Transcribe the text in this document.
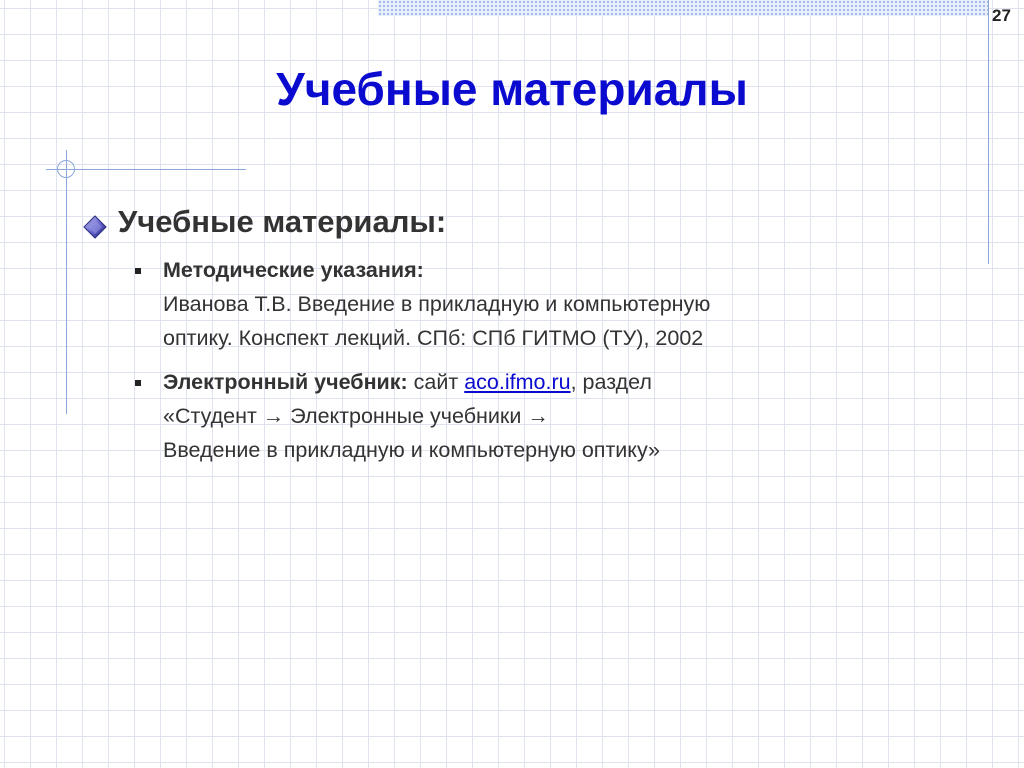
27
Учебные материалы
Учебные материалы:
Методические указания:
Иванова Т.В. Введение в прикладную и компьютерную
оптику. Конспект лекций. СПб: СПб ГИТМО (ТУ), 2002
Электронный учебник: сайт aco.ifmo.ru, раздел
«Студент → Электронные учебники →
Введение в прикладную и компьютерную оптику»
